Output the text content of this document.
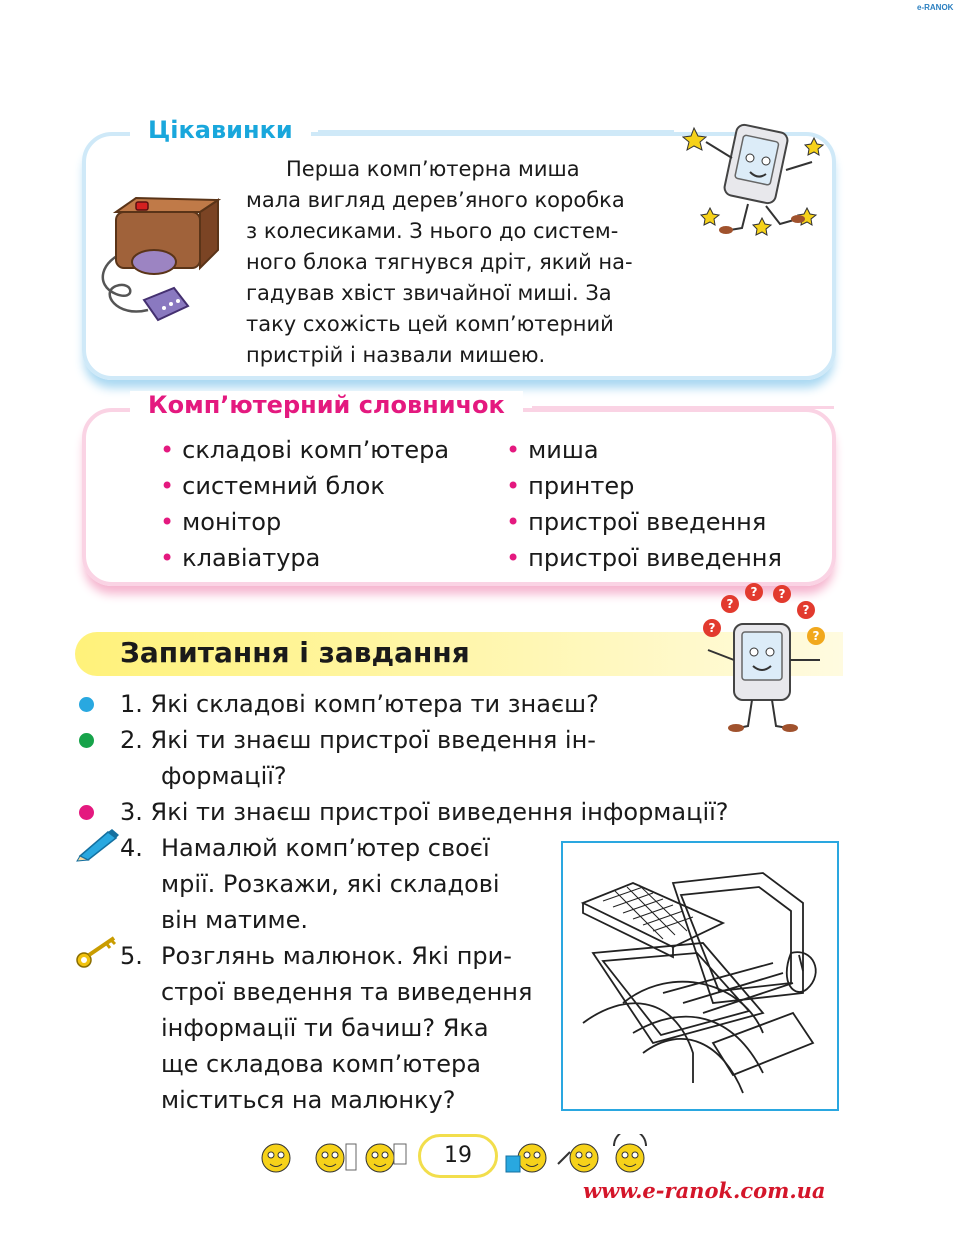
e-RANOK
Цікавинки
Перша комп’ютерна миша
мала вигляд дерев’яного коробка
з колесиками. З нього до систем-
ного блока тягнувся дріт, який на-
гадував хвіст звичайної миші. За
таку схожість цей комп’ютерний
пристрій і назвали мишею.
Комп’ютерний словничок
• складові комп’ютера
• системний блок
• монітор
• клавіатура
• миша
• принтер
• пристрої введення
• пристрої виведення
Запитання і завдання
?
?
? ?
?
?
1. Які складові комп’ютера ти знаєш?
2. Які ти знаєш пристрої введення ін-
формації?
3. Які ти знаєш пристрої виведення інформації?
4. Намалюй комп’ютер своєї
мрії. Розкажи, які складові
він матиме.
5. Розглянь малюнок. Які при-
строї введення та виведення
інформації ти бачиш? Яка
ще складова комп’ютера
міститься на малюнку?
19
www.e-ranok.com.ua
